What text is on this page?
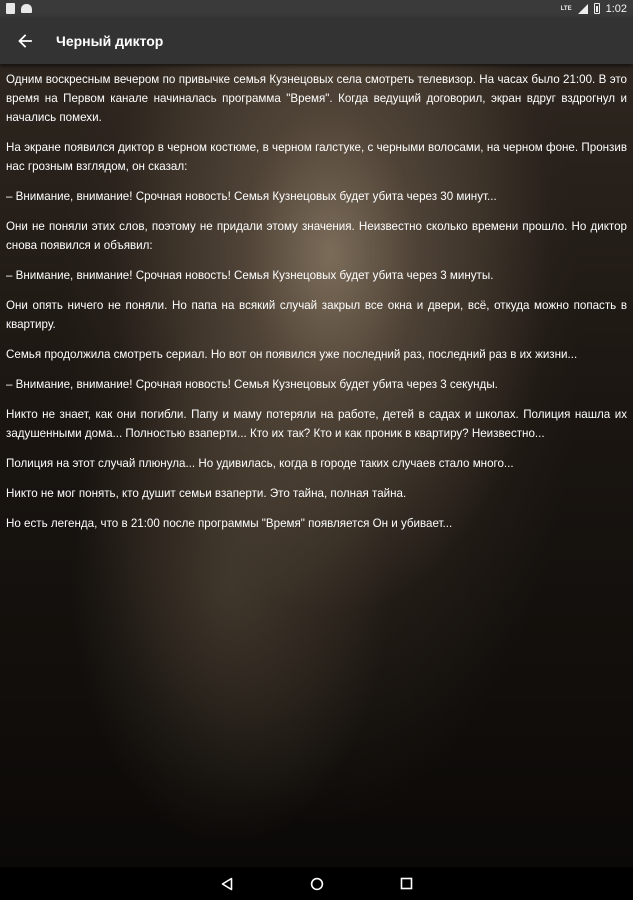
LTE	1:02
Черный диктор

Одним воскресным вечером по привычке семья Кузнецовых села смотреть телевизор. На часах было 21:00. В это время на Первом канале начиналась программа "Время". Когда ведущий договорил, экран вдруг вздрогнул и начались помехи.

На экране появился диктор в черном костюме, в черном галстуке, с черными волосами, на черном фоне. Пронзив нас грозным взглядом, он сказал:

– Внимание, внимание! Срочная новость! Семья Кузнецовых будет убита через 30 минут...

Они не поняли этих слов, поэтому не придали этому значения. Неизвестно сколько времени прошло. Но диктор снова появился и объявил:

– Внимание, внимание! Срочная новость! Семья Кузнецовых будет убита через 3 минуты.

Они опять ничего не поняли. Но папа на всякий случай закрыл все окна и двери, всё, откуда можно попасть в квартиру.

Семья продолжила смотреть сериал. Но вот он появился уже последний раз, последний раз в их жизни...

– Внимание, внимание! Срочная новость! Семья Кузнецовых будет убита через 3 секунды.

Никто не знает, как они погибли. Папу и маму потеряли на работе, детей в садах и школах. Полиция нашла их задушенными дома... Полностью взаперти... Кто их так? Кто и как проник в квартиру? Неизвестно...

Полиция на этот случай плюнула... Но удивилась, когда в городе таких случаев стало много...

Никто не мог понять, кто душит семьи взаперти. Это тайна, полная тайна.

Но есть легенда, что в 21:00 после программы "Время" появляется Он и убивает...
